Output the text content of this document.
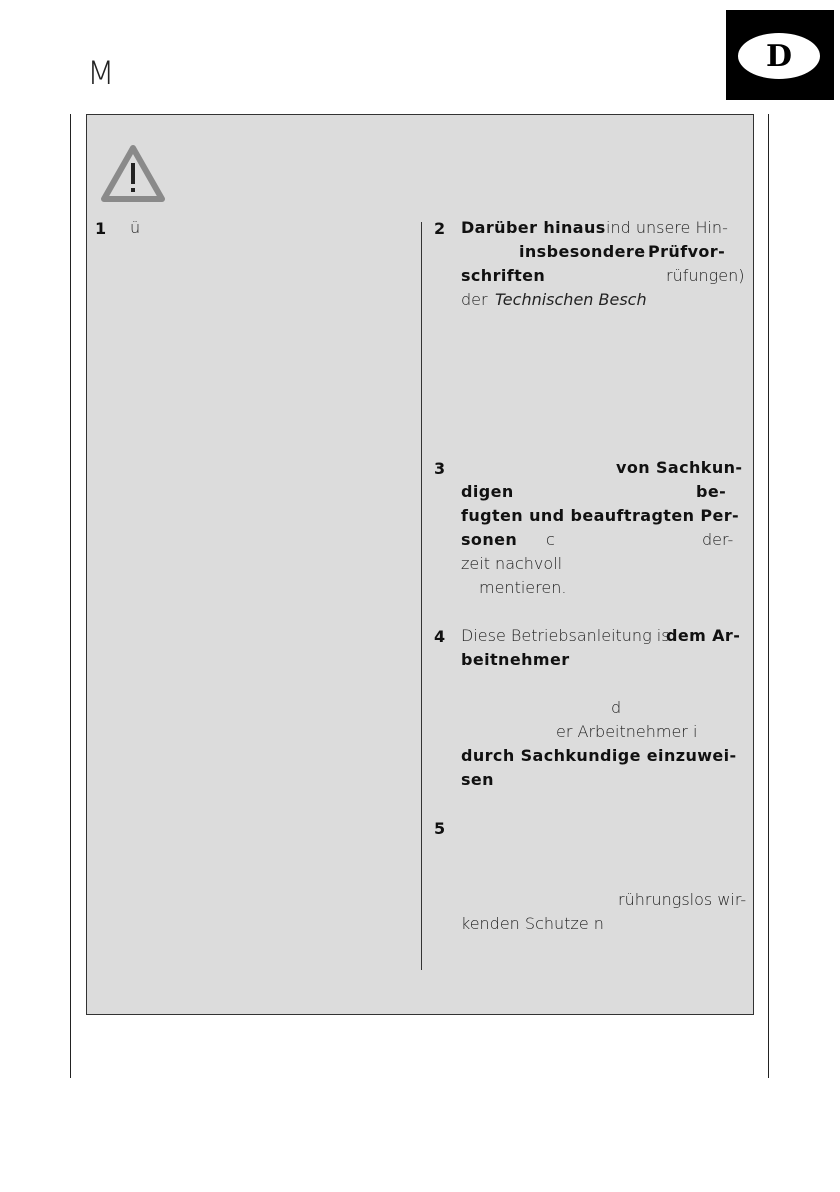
M	D
1 ü	2 Darüber hinaus ind unsere Hin-
insbesondere Prüfvor-
schriften	rüfungen)
der Technischen Besch
3	von Sachkun-
digen	be-
fugten und beauftragten Per-
sonen c	der-
zeit nachvoll
mentieren.
4 Diese Betriebsanleitung is
dem Ar-
beitnehmer
d
er Arbeitnehmer i
durch Sachkundige einzuwei-
sen
5
rührungslos wir-
kenden Schutze n
